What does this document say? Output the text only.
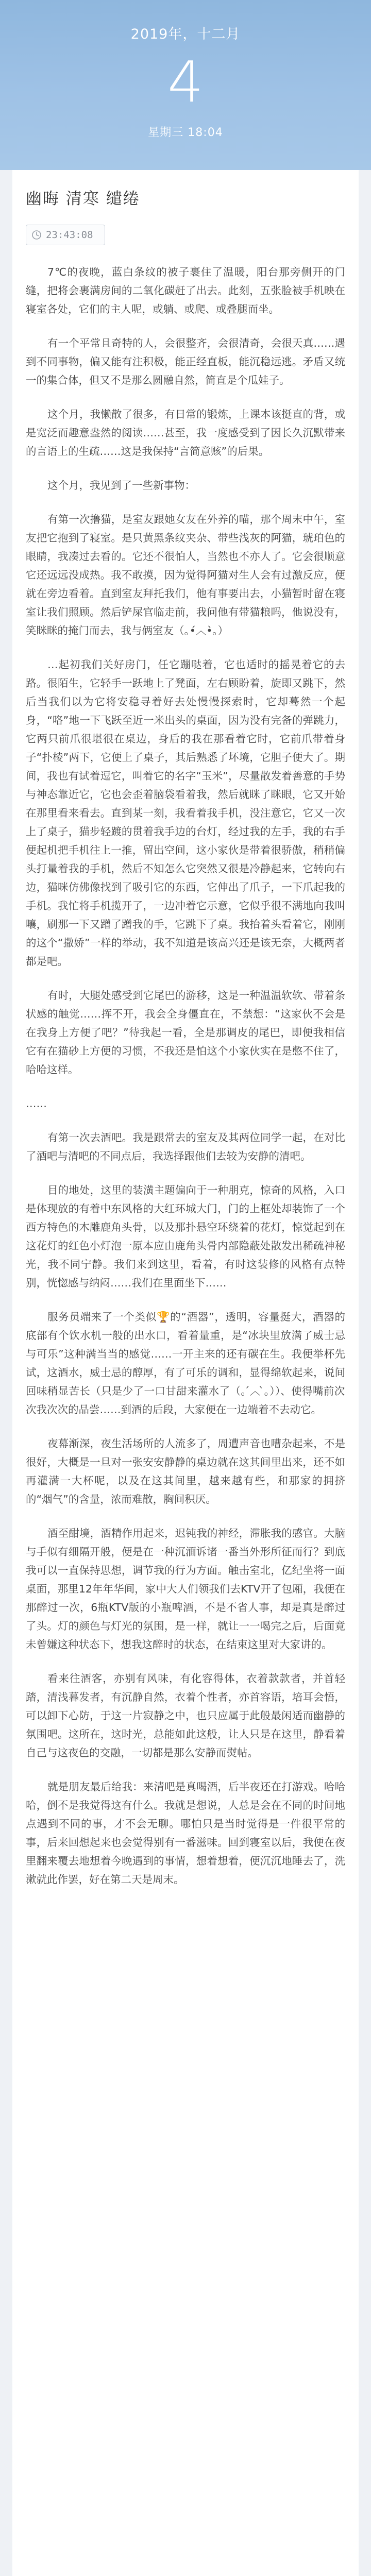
2019年，十二月
4
星期三 18:04
幽晦 清寒 缱绻
23:43:08

7℃的夜晚，蓝白条纹的被子裹住了温暖，阳台那旁侧开的门缝，把将会裹满房间的二氧化碳赶了出去。此刻，五张脸被手机映在寝室各处，它们的主人呢，或躺、或爬、或叠腿而坐。

有一个平常且奇特的人，会很整齐，会很清奇，会很天真……遇到不同事物，偏又能有注积极，能正经直板，能沉稳远逃。矛盾又统一的集合体，但又不是那么圆融自然，简直是个瓜娃子。

这个月，我懒散了很多，有日常的锻炼，上课本该挺直的背，或是宽泛而趣意盎然的阅读……甚至，我一度感受到了因长久沉默带来的言语上的生疏……这是我保持“言简意赅”的后果。

这个月，我见到了一些新事物：

有第一次撸猫，是室友跟她女友在外养的喵，那个周末中午，室友把它抱到了寝室。是只黄黑条纹夹杂、带些浅灰的阿猫，琥珀色的眼睛，我凑过去看的。它还不很怕人，当然也不亦人了。它会很顺意它还远远没成热。我不敢摸，因为觉得阿猫对生人会有过激反应，便就在旁边看着。直到室友拜托我们，他有事要出去，小猫暂时留在寝室让我们照顾。然后铲屎官临走前，我问他有带猫粮吗，他说没有，笑眯眯的掩门而去，我与俩室友（｡•́︿•̀｡）

…起初我们关好房门，任它蹦哒着，它也适时的摇晃着它的去路。很陌生，它轻手一跃地上了凳面，左右顾盼着，旋即又跳下，然后当我们以为它将安稳寻着好去处慢慢探索时，它却蓦然一个起身，“咯”地一下飞跃至近一米出头的桌面，因为没有完备的弹跳力，它两只前爪很堪很在桌边，身后的我在那看着它时，它前爪带着身子“扑棱”两下，它便上了桌子，其后熟悉了坏境，它胆子便大了。期间，我也有试着逗它，叫着它的名字“玉米”，尽量散发着善意的手势与神态靠近它，它也会歪着脑袋看着我，然后就眯了眯眼，它又开始在那里看来看去。直到某一刻，我看着我手机，没注意它，它又一次上了桌子，猫步轻踱的贯着我手边的台灯，经过我的左手，我的右手便起机把手机往上一推，留出空间，这小家伙是带着很骄傲，稍稍偏头打量着我的手机，然后不知怎么它突然又很是冷静起来，它转向右边，猫咪仿佛像找到了吸引它的东西，它伸出了爪子，一下爪起我的手机。我忙将手机揽开了，一边冲着它示意，它似乎很不满地向我叫嚷，刷那一下又蹭了蹭我的手，它跳下了桌。我抬着头看着它，刚刚的这个“撒娇”一样的举动，我不知道是该高兴还是该无奈，大概两者都是吧。

有时，大腿处感受到它尾巴的游移，这是一种温温软软、带着条状感的触觉……挥不开，我会全身僵直在，不禁想：“这家伙不会是在我身上方便了吧？”待我起一看，全是那调皮的尾巴，即便我相信它有在猫砂上方便的习惯，不我还是怕这个小家伙实在是憋不住了，哈哈这样。

……

有第一次去酒吧。我是跟常去的室友及其两位同学一起，在对比了酒吧与清吧的不同点后，我选择跟他们去较为安静的清吧。

目的地处，这里的装潢主题偏向于一种朋克，惊奇的风格，入口是体现放的有着中东风格的大红环城大门，门的上框处却装饰了一个西方特色的木雕鹿角头骨，以及那扑悬空环绕着的花灯，惊觉起到在这花灯的红色小灯泡一原本应由鹿角头骨内部隐蔽处散发出稀疏神秘光，我不同宁静。我们来到这里，看着，有时这装修的风格有点特别，恍惚感与纳闷……我们在里面坐下……

服务员端来了一个类似🏆的“酒器”，透明，容量挺大，酒器的底部有个饮水机一般的出水口，看着量重，是“冰块里放满了威士忌与可乐”这种满当当的感觉……一开主来的还有碳在生。我便举杯先试，这酒水，威士忌的醇厚，有了可乐的调和，显得绵软起来，说间回味稍显苦长（只是少了一口甘甜来灌水了（｡ ́︿ ̀｡））、使得嘴前次次我次次的品尝……到酒的后段，大家便在一边端着不去动它。

夜幕渐深，夜生活场所的人流多了，周遭声音也嘈杂起来，不是很好，大概是一旦对一张安安静静的桌边就在这其间里出来，还不如再灌满一大杯呢，以及在这其间里，越来越有些，和那家的拥挤的“烟气”的含量，浓而难散，胸间积厌。

酒至酣境，酒精作用起来，迟钝我的神经，滞胀我的感官。大脑与手似有细隔开般，便是在一种沉湎诉诸一番当外形所征而行？到底我可以一直保持思想，调节我的行为方面。触击室北，亿纪坐将一面桌面，那里12年年华间，家中大人们领我们去KTV开了包厢，我便在那醉过一次，6瓶KTV版的小瓶啤酒，不是不省人事，却是真是醉过了头。灯的颜色与灯光的氛围，是一样，就让一一喝完之后，后面竟未曾嫌这种状态下，想我这醉时的状态，在结束这里对大家讲的。

看来往酒客，亦别有风味，有化容得体，衣着款款者，并首轻踏，清浅暮发者，有沉静自然，衣着个性者，亦首容语，培耳会悟，可以卸下心防，于这一片寂静之中，也只应属于此般最闲适而幽静的氛围吧。这所在，这时光，总能如此这般，让人只是在这里，静看着自己与这夜色的交融，一切都是那么安静而熨帖。

就是朋友最后给我：来清吧是真喝酒，后半夜还在打游戏。哈哈哈，倒不是我觉得这有什么。我就是想说，人总是会在不同的时间地点遇到不同的事，才不会无聊。哪怕只是当时觉得是一件很平常的事，后来回想起来也会觉得别有一番滋味。回到寝室以后，我便在夜里翻来覆去地想着今晚遇到的事情，想着想着，便沉沉地睡去了，洗漱就此作罢，好在第二天是周末。
